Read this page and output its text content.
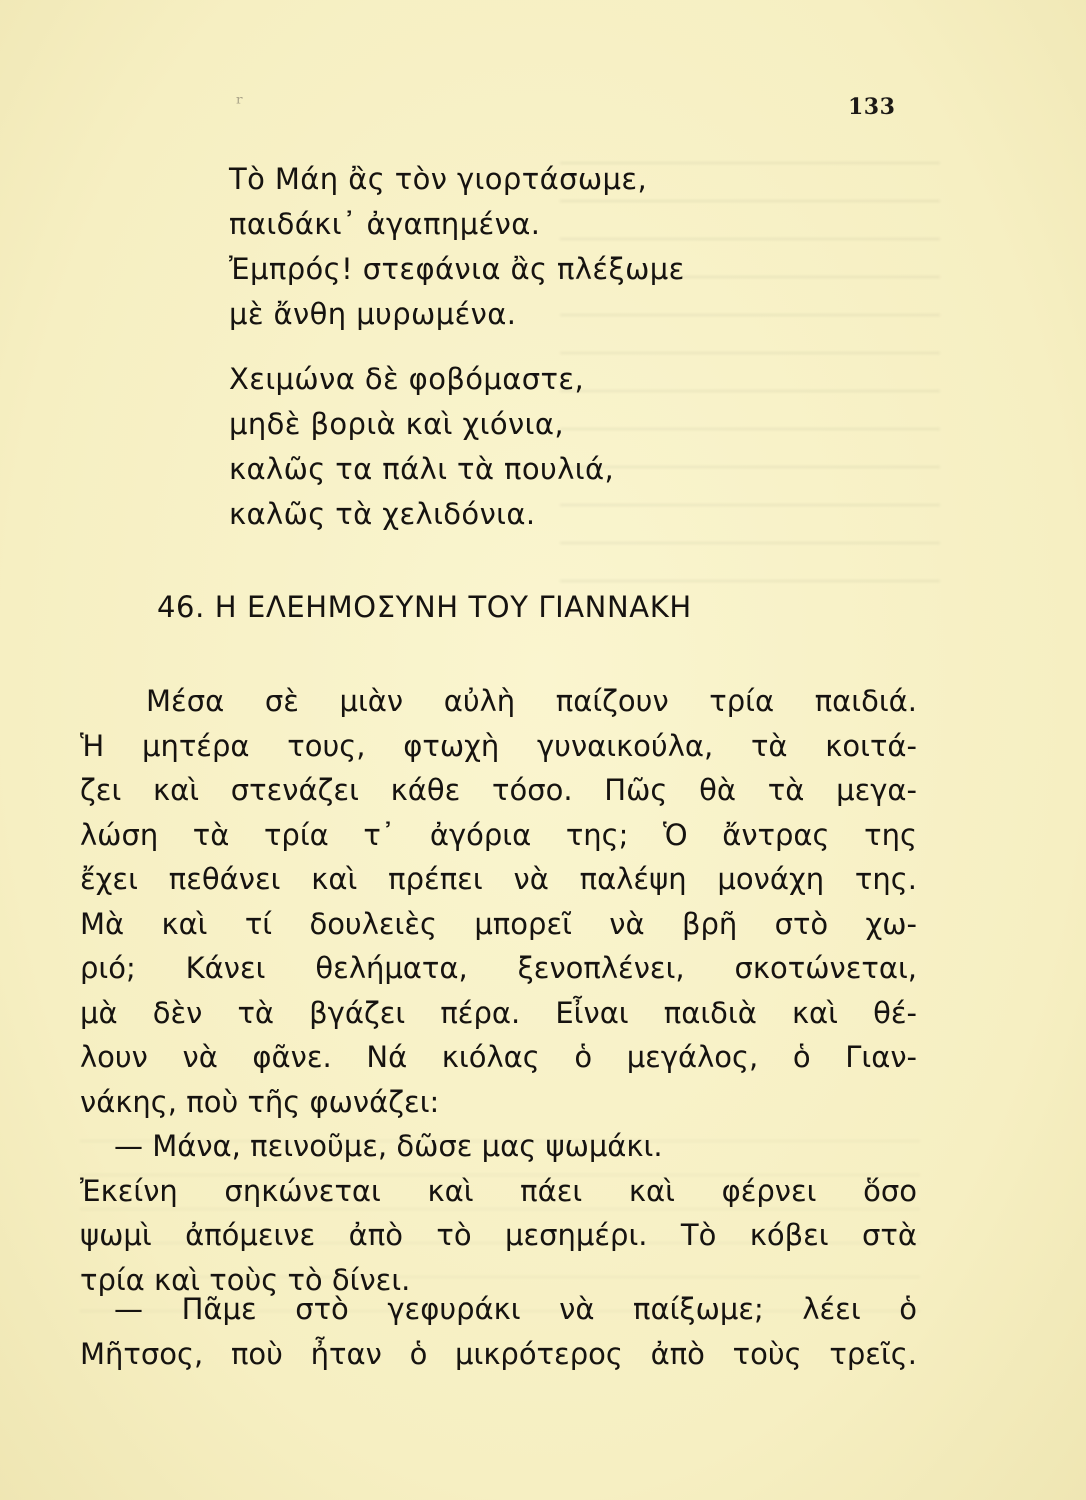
ʳ	133
Τὸ Μάη ἂς τὸν γιορτάσωμε,
παιδάκι᾽ ἀγαπημένα.
Ἐμπρός! στεφάνια ἂς πλέξωμε
μὲ ἄνθη μυρωμένα.
Χειμώνα δὲ φοβόμαστε,
μηδὲ βοριὰ καὶ χιόνια,
καλῶς τα πάλι τὰ πουλιά,
καλῶς τὰ χελιδόνια.
46. Η ΕΛΕΗΜΟΣΥΝΗ ΤΟΥ ΓΙΑΝΝΑΚΗ
Μέσα σὲ μιὰν αὐλὴ παίζουν τρία παιδιά.
Ἡ μητέρα τους, φτωχὴ γυναικούλα, τὰ κοιτά-
ζει καὶ στενάζει κάθε τόσο. Πῶς θὰ τὰ μεγα-
λώση τὰ τρία τ᾽ ἀγόρια της; Ὁ ἄντρας της
ἔχει πεθάνει καὶ πρέπει νὰ παλέψη μονάχη της.
Μὰ καὶ τί δουλειὲς μπορεῖ νὰ βρῆ στὸ χω-
ριό; Κάνει θελήματα, ξενοπλένει, σκοτώνεται,
μὰ δὲν τὰ βγάζει πέρα. Εἶναι παιδιὰ καὶ θέ-
λουν νὰ φᾶνε. Νά κιόλας ὁ μεγάλος, ὁ Γιαν-
νάκης, ποὺ τῆς φωνάζει:
— Μάνα, πεινοῦμε, δῶσε μας ψωμάκι.
Ἐκείνη σηκώνεται καὶ πάει καὶ φέρνει ὅσο
ψωμὶ ἀπόμεινε ἀπὸ τὸ μεσημέρι. Τὸ κόβει στὰ
τρία καὶ τοὺς τὸ δίνει.
— Πᾶμε στὸ γεφυράκι νὰ παίξωμε; λέει ὁ
Μῆτσος, ποὺ ἦταν ὁ μικρότερος ἀπὸ τοὺς τρεῖς.
